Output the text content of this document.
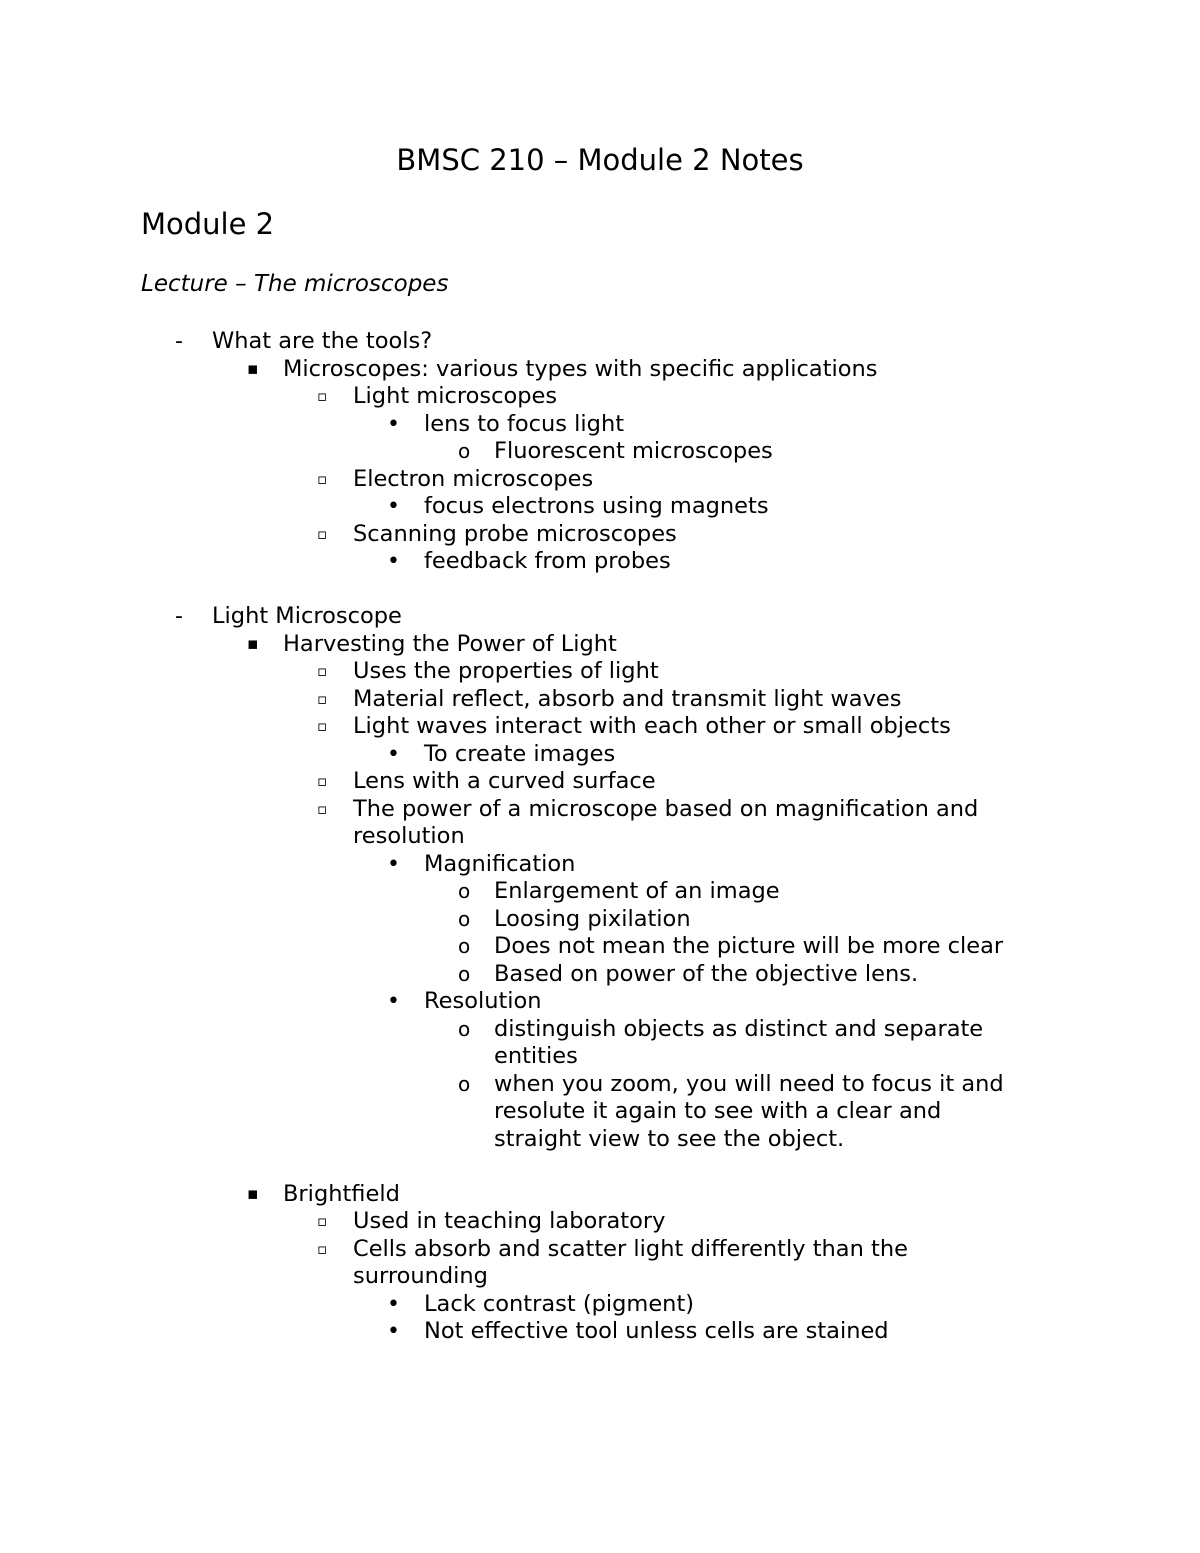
BMSC 210 – Module 2 Notes
Module 2
Lecture – The microscopes
- What are the tools?
▪ Microscopes: various types with specific applications
▫ Light microscopes
• lens to focus light
o Fluorescent microscopes
▫ Electron microscopes
• focus electrons using magnets
▫ Scanning probe microscopes
• feedback from probes
- Light Microscope
▪ Harvesting the Power of Light
▫ Uses the properties of light
▫ Material reflect, absorb and transmit light waves
▫ Light waves interact with each other or small objects
• To create images
▫ Lens with a curved surface
▫ The power of a microscope based on magnification and
resolution
• Magnification
o Enlargement of an image
o Loosing pixilation
o Does not mean the picture will be more clear
o Based on power of the objective lens.
• Resolution
o distinguish objects as distinct and separate
entities
o when you zoom, you will need to focus it and
resolute it again to see with a clear and
straight view to see the object.
▪ Brightfield
▫ Used in teaching laboratory
▫ Cells absorb and scatter light differently than the
surrounding
• Lack contrast (pigment)
• Not effective tool unless cells are stained
